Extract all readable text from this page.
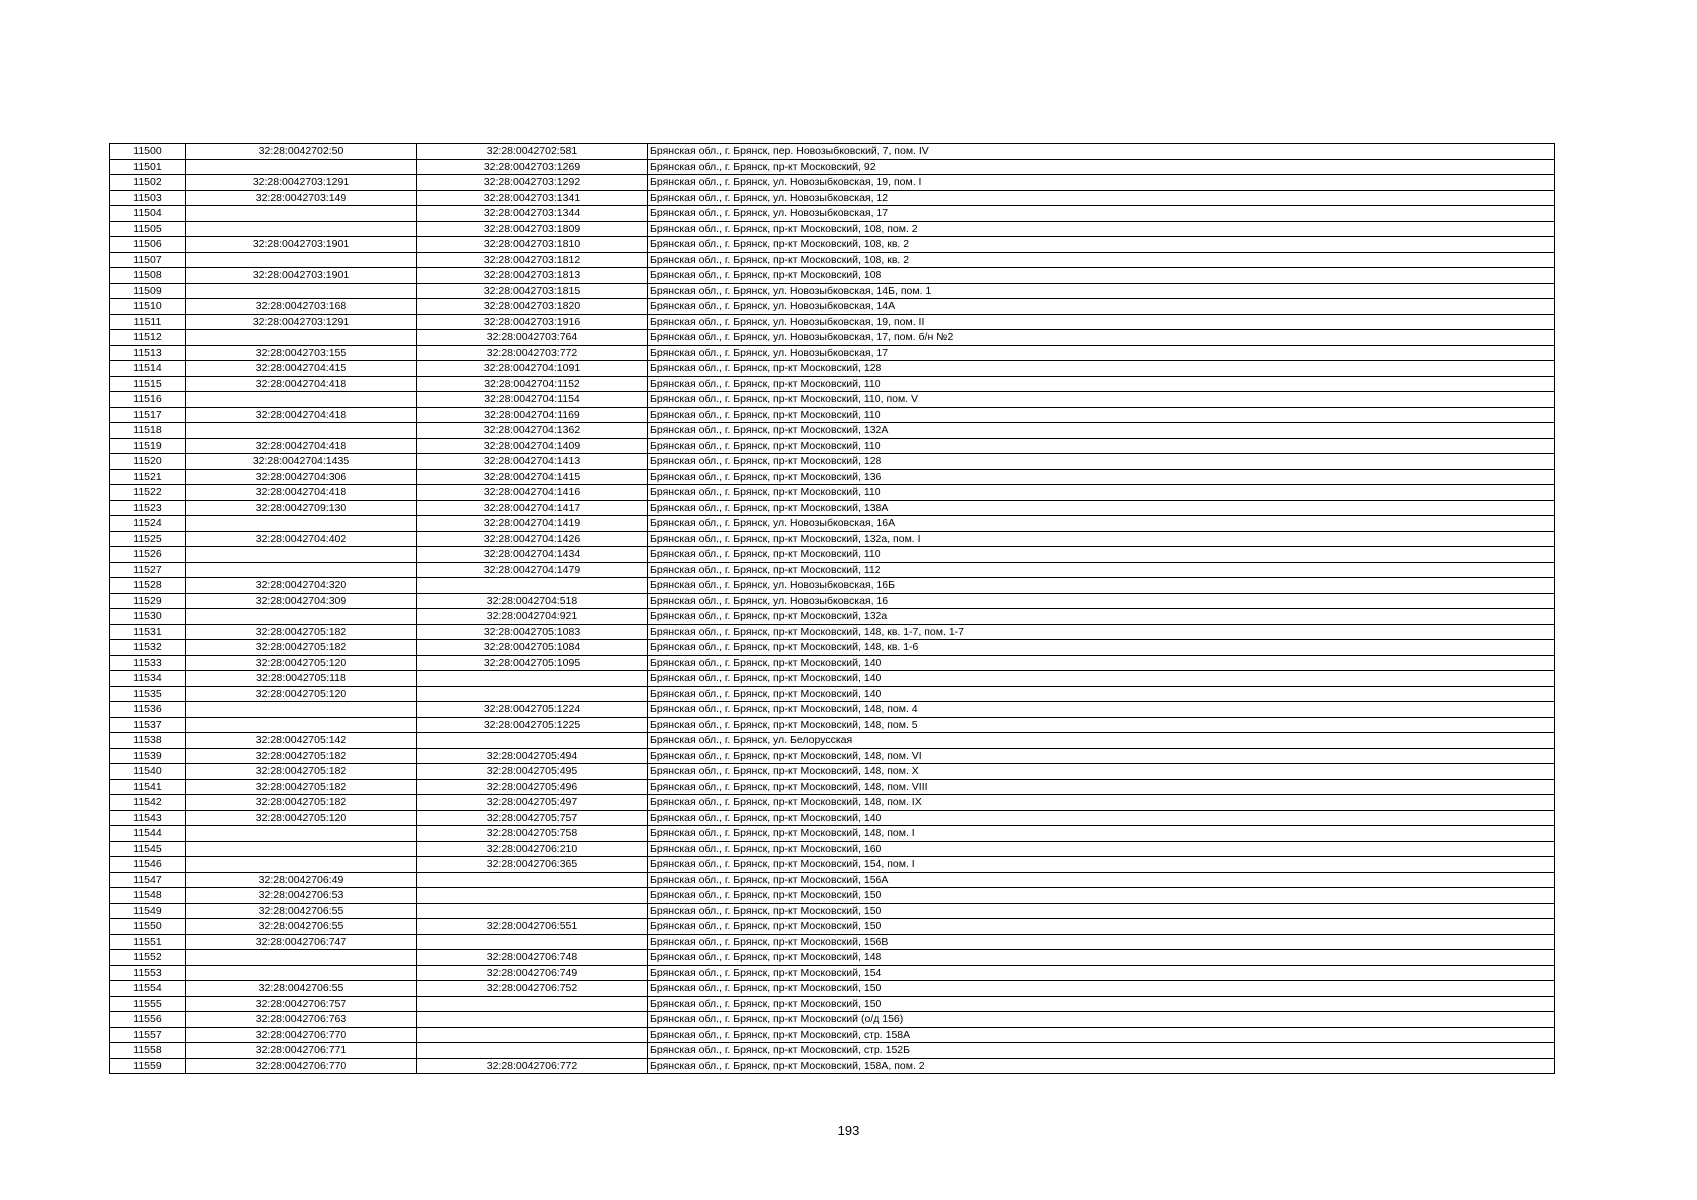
11500	32:28:0042702:50	32:28:0042702:581	Брянская обл., г. Брянск, пер. Новозыбковский, 7, пом. IV
11501		32:28:0042703:1269	Брянская обл., г. Брянск, пр-кт Московский, 92
11502	32:28:0042703:1291	32:28:0042703:1292	Брянская обл., г. Брянск, ул. Новозыбковская, 19, пом. I
11503	32:28:0042703:149	32:28:0042703:1341	Брянская обл., г. Брянск, ул. Новозыбковская, 12
11504		32:28:0042703:1344	Брянская обл., г. Брянск, ул. Новозыбковская, 17
11505		32:28:0042703:1809	Брянская обл., г. Брянск, пр-кт Московский, 108, пом. 2
11506	32:28:0042703:1901	32:28:0042703:1810	Брянская обл., г. Брянск, пр-кт Московский, 108, кв. 2
11507		32:28:0042703:1812	Брянская обл., г. Брянск, пр-кт Московский, 108, кв. 2
11508	32:28:0042703:1901	32:28:0042703:1813	Брянская обл., г. Брянск, пр-кт Московский, 108
11509		32:28:0042703:1815	Брянская обл., г. Брянск, ул. Новозыбковская, 14Б, пом. 1
11510	32:28:0042703:168	32:28:0042703:1820	Брянская обл., г. Брянск, ул. Новозыбковская, 14А
11511	32:28:0042703:1291	32:28:0042703:1916	Брянская обл., г. Брянск, ул. Новозыбковская, 19, пом. II
11512		32:28:0042703:764	Брянская обл., г. Брянск, ул. Новозыбковская, 17, пом. б/н №2
11513	32:28:0042703:155	32:28:0042703:772	Брянская обл., г. Брянск, ул. Новозыбковская, 17
11514	32:28:0042704:415	32:28:0042704:1091	Брянская обл., г. Брянск, пр-кт Московский, 128
11515	32:28:0042704:418	32:28:0042704:1152	Брянская обл., г. Брянск, пр-кт Московский, 110
11516		32:28:0042704:1154	Брянская обл., г. Брянск, пр-кт Московский, 110, пом. V
11517	32:28:0042704:418	32:28:0042704:1169	Брянская обл., г. Брянск, пр-кт Московский, 110
11518		32:28:0042704:1362	Брянская обл., г. Брянск, пр-кт Московский, 132А
11519	32:28:0042704:418	32:28:0042704:1409	Брянская обл., г. Брянск, пр-кт Московский, 110
11520	32:28:0042704:1435	32:28:0042704:1413	Брянская обл., г. Брянск, пр-кт Московский, 128
11521	32:28:0042704:306	32:28:0042704:1415	Брянская обл., г. Брянск, пр-кт Московский, 136
11522	32:28:0042704:418	32:28:0042704:1416	Брянская обл., г. Брянск, пр-кт Московский, 110
11523	32:28:0042709:130	32:28:0042704:1417	Брянская обл., г. Брянск, пр-кт Московский, 138А
11524		32:28:0042704:1419	Брянская обл., г. Брянск, ул. Новозыбковская, 16А
11525	32:28:0042704:402	32:28:0042704:1426	Брянская обл., г. Брянск, пр-кт Московский, 132а, пом. I
11526		32:28:0042704:1434	Брянская обл., г. Брянск, пр-кт Московский, 110
11527		32:28:0042704:1479	Брянская обл., г. Брянск, пр-кт Московский, 112
11528	32:28:0042704:320		Брянская обл., г. Брянск, ул. Новозыбковская, 16Б
11529	32:28:0042704:309	32:28:0042704:518	Брянская обл., г. Брянск, ул. Новозыбковская, 16
11530		32:28:0042704:921	Брянская обл., г. Брянск, пр-кт Московский, 132а
11531	32:28:0042705:182	32:28:0042705:1083	Брянская обл., г. Брянск, пр-кт Московский, 148, кв. 1-7, пом. 1-7
11532	32:28:0042705:182	32:28:0042705:1084	Брянская обл., г. Брянск, пр-кт Московский, 148, кв. 1-6
11533	32:28:0042705:120	32:28:0042705:1095	Брянская обл., г. Брянск, пр-кт Московский, 140
11534	32:28:0042705:118		Брянская обл., г. Брянск, пр-кт Московский, 140
11535	32:28:0042705:120		Брянская обл., г. Брянск, пр-кт Московский, 140
11536		32:28:0042705:1224	Брянская обл., г. Брянск, пр-кт Московский, 148, пом. 4
11537		32:28:0042705:1225	Брянская обл., г. Брянск, пр-кт Московский, 148, пом. 5
11538	32:28:0042705:142		Брянская обл., г. Брянск, ул. Белорусская
11539	32:28:0042705:182	32:28:0042705:494	Брянская обл., г. Брянск, пр-кт Московский, 148, пом. VI
11540	32:28:0042705:182	32:28:0042705:495	Брянская обл., г. Брянск, пр-кт Московский, 148, пом. X
11541	32:28:0042705:182	32:28:0042705:496	Брянская обл., г. Брянск, пр-кт Московский, 148, пом. VIII
11542	32:28:0042705:182	32:28:0042705:497	Брянская обл., г. Брянск, пр-кт Московский, 148, пом. IX
11543	32:28:0042705:120	32:28:0042705:757	Брянская обл., г. Брянск, пр-кт Московский, 140
11544		32:28:0042705:758	Брянская обл., г. Брянск, пр-кт Московский, 148, пом. I
11545		32:28:0042706:210	Брянская обл., г. Брянск, пр-кт Московский, 160
11546		32:28:0042706:365	Брянская обл., г. Брянск, пр-кт Московский, 154, пом. I
11547	32:28:0042706:49		Брянская обл., г. Брянск, пр-кт Московский, 156А
11548	32:28:0042706:53		Брянская обл., г. Брянск, пр-кт Московский, 150
11549	32:28:0042706:55		Брянская обл., г. Брянск, пр-кт Московский, 150
11550	32:28:0042706:55	32:28:0042706:551	Брянская обл., г. Брянск, пр-кт Московский, 150
11551	32:28:0042706:747		Брянская обл., г. Брянск, пр-кт Московский, 156В
11552		32:28:0042706:748	Брянская обл., г. Брянск, пр-кт Московский, 148
11553		32:28:0042706:749	Брянская обл., г. Брянск, пр-кт Московский, 154
11554	32:28:0042706:55	32:28:0042706:752	Брянская обл., г. Брянск, пр-кт Московский, 150
11555	32:28:0042706:757		Брянская обл., г. Брянск, пр-кт Московский, 150
11556	32:28:0042706:763		Брянская обл., г. Брянск, пр-кт Московский (о/д 156)
11557	32:28:0042706:770		Брянская обл., г. Брянск, пр-кт Московский, стр. 158А
11558	32:28:0042706:771		Брянская обл., г. Брянск, пр-кт Московский, стр. 152Б
11559	32:28:0042706:770	32:28:0042706:772	Брянская обл., г. Брянск, пр-кт Московский, 158А, пом. 2
193
